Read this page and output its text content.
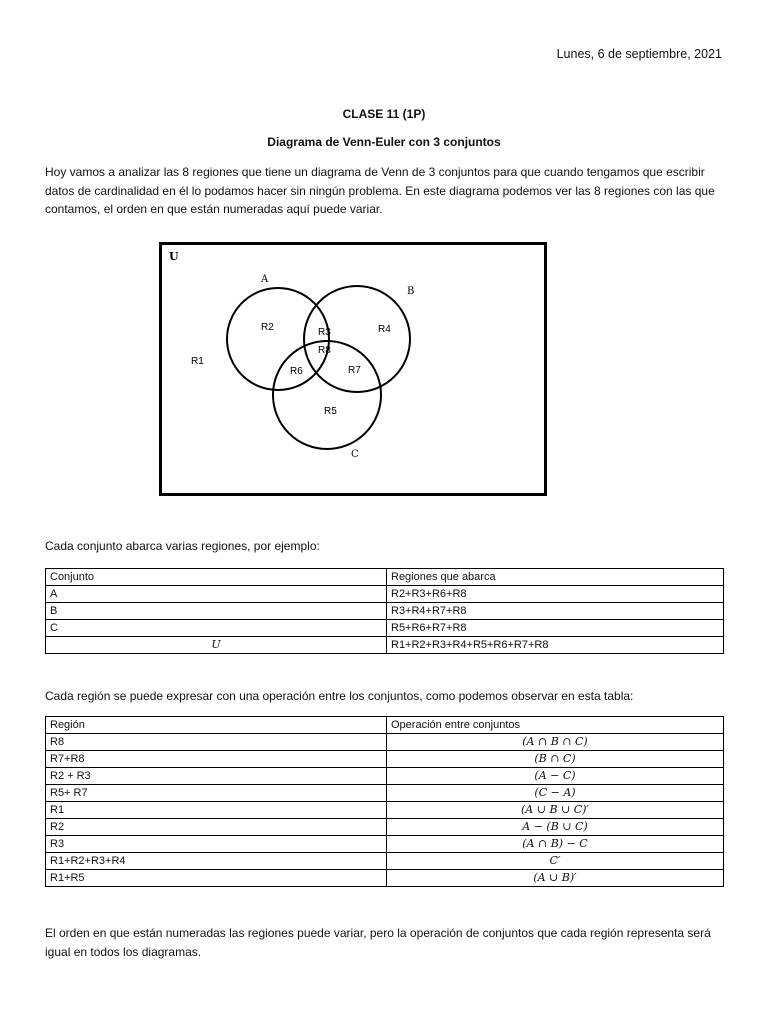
Lunes, 6 de septiembre, 2021
CLASE 11 (1P)
Diagrama de Venn-Euler con 3 conjuntos
Hoy vamos a analizar las 8 regiones que tiene un diagrama de Venn de 3 conjuntos para que cuando tengamos que escribir datos de cardinalidad en él lo podamos hacer sin ningún problema. En este diagrama podemos ver las 8 regiones con las que contamos, el orden en que están numeradas aquí puede variar.
U
A
B
C
R1
R2	R3	R4
R5
R6	R7
R8
Cada conjunto abarca varias regiones, por ejemplo:
Conjunto	Regiones que abarca
A	R2+R3+R6+R8
B	R3+R4+R7+R8
C	R5+R6+R7+R8
U	R1+R2+R3+R4+R5+R6+R7+R8
Cada región se puede expresar con una operación entre los conjuntos, como podemos observar en esta tabla:
Región	Operación entre conjuntos
R8	(A ∩ B ∩ C)
R7+R8	(B ∩ C)
R2 + R3	(A − C)
R5+ R7	(C − A)
R1	(A ∪ B ∪ C)′
R2	A − (B ∪ C)
R3	(A ∩ B) − C
R1+R2+R3+R4	C′
R1+R5	(A ∪ B)′
El orden en que están numeradas las regiones puede variar, pero la operación de conjuntos que cada región representa será igual en todos los diagramas.
